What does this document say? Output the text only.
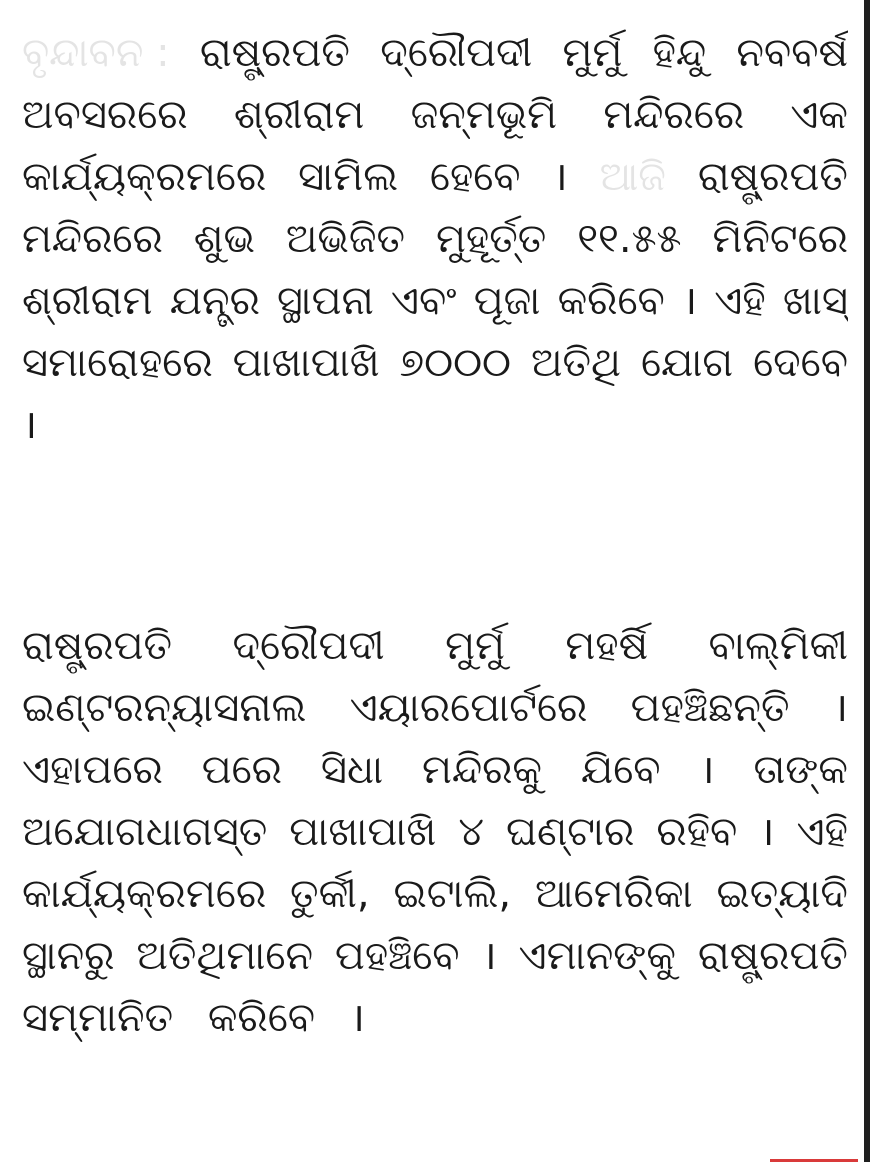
ବୃନ୍ଦାବନ : ରାଷ୍ଟ୍ରପତି ଦ୍ରୌପଦୀ ମୁର୍ମୁ ହିନ୍ଦୁ ନବବର୍ଷ
ଅବସରରେ ଶ୍ରୀରାମ ଜନ୍ମଭୂମି ମନ୍ଦିରରେ ଏକ
କାର୍ଯ୍ୟକ୍ରମରେ ସାମିଲ ହେବେ । ଆଜି ରାଷ୍ଟ୍ରପତି
ମନ୍ଦିରରେ ଶୁଭ ଅଭିଜିତ ମୁହୂର୍ତ୍ତ ୧୧.୫୫ ମିନିଟରେ
ଶ୍ରୀରାମ ଯନ୍ତ୍ର ସ୍ଥାପନା ଏବଂ ପୂଜା କରିବେ । ଏହି ଖାସ୍
ସମାରୋହରେ ପାଖାପାଖି ୭୦୦୦ ଅତିଥି ଯୋଗ ଦେବେ
।
ରାଷ୍ଟ୍ରପତି ଦ୍ରୌପଦୀ ମୁର୍ମୁ ମହର୍ଷି ବାଲ୍ମିକୀ
ଇଣ୍ଟରନ୍ୟାସନାଲ ଏୟାରପୋର୍ଟରେ ପହଞ୍ଚିଛନ୍ତି ।
ଏହାପରେ ପରେ ସିଧା ମନ୍ଦିରକୁ ଯିବେ । ତାଙ୍କ
ଅଯୋଗଧାଗସ୍ତ ପାଖାପାଖି ୪ ଘଣ୍ଟାର ରହିବ । ଏହି
କାର୍ଯ୍ୟକ୍ରମରେ ତୁର୍କୀ, ଇଟାଲି, ଆମେରିକା ଇତ୍ୟାଦି
ସ୍ଥାନରୁ ଅତିଥିମାନେ ପହଞ୍ଚିବେ । ଏମାନଙ୍କୁ ରାଷ୍ଟ୍ରପତି
ସମ୍ମାନିତ କରିବେ ।
